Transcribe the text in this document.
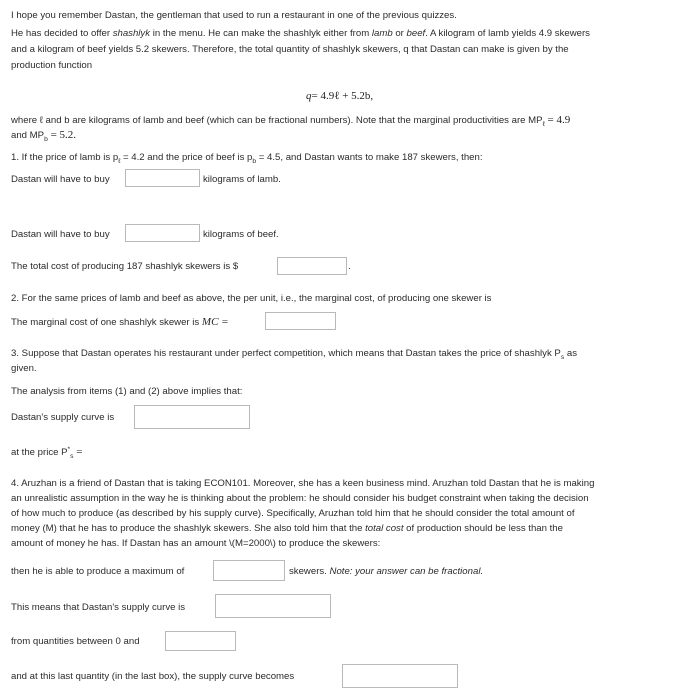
I hope you remember Dastan, the gentleman that used to run a restaurant in one of the previous quizzes.
He has decided to offer shashlyk in the menu. He can make the shashlyk either from lamb or beef. A kilogram of lamb yields 4.9 skewers
and a kilogram of beef yields 5.2 skewers. Therefore, the total quantity of shashlyk skewers, q that Dastan can make is given by the
production function
q= 4.9ℓ + 5.2b,
where ℓ and b are kilograms of lamb and beef (which can be fractional numbers). Note that the marginal productivities are $MP_\ell = 4.9$
and $MP_b = 5.2$.
1. If the price of lamb is $p_\ell = 4.2$ and the price of beef is $p_b = 4.5$, and Dastan wants to make 187 skewers, then:
Dastan will have to buy	kilograms of lamb.
Dastan will have to buy	kilograms of beef.
The total cost of producing 187 shashlyk skewers is $	.
2. For the same prices of lamb and beef as above, the per unit, i.e., the marginal cost, of producing one skewer is
The marginal cost of one shashlyk skewer is MC =
3. Suppose that Dastan operates his restaurant under perfect competition, which means that Dastan takes the price of shashlyk $P_s$ as
given.
The analysis from items (1) and (2) above implies that:
Dastan's supply curve is
at the price $P^*_s$ =
4. Aruzhan is a friend of Dastan that is taking ECON101. Moreover, she has a keen business mind. Aruzhan told Dastan that he is making
an unrealistic assumption in the way he is thinking about the problem: he should consider his budget constraint when taking the decision
of how much to produce (as described by his supply curve). Specifically, Aruzhan told him that he should consider the total amount of
money (M) that he has to produce the shashlyk skewers. She also told him that the total cost of production should be less than the
amount of money he has. If Dastan has an amount \(M=2000\) to produce the skewers:
then he is able to produce a maximum of	skewers. Note: your answer can be fractional.
This means that Dastan's supply curve is
from quantities between 0 and
and at this last quantity (in the last box), the supply curve becomes
